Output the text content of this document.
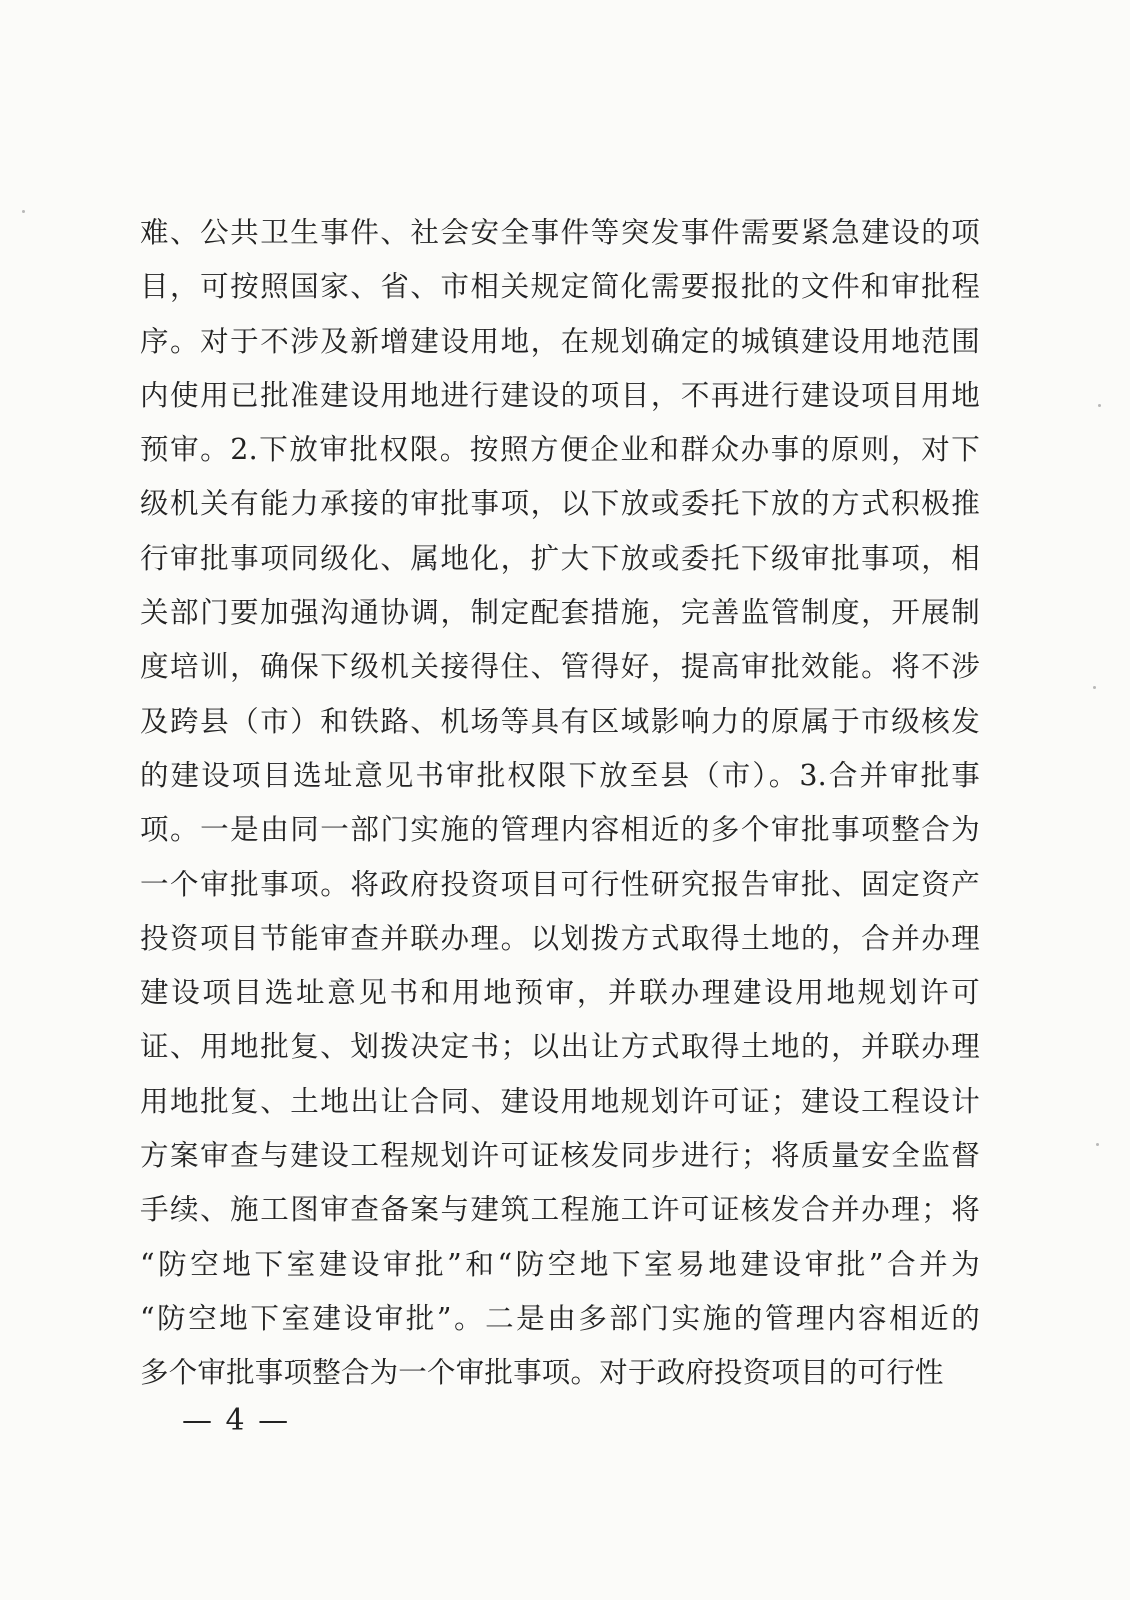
难、公共卫生事件、社会安全事件等突发事件需要紧急建设的项
目，可按照国家、省、市相关规定简化需要报批的文件和审批程
序。对于不涉及新增建设用地，在规划确定的城镇建设用地范围
内使用已批准建设用地进行建设的项目，不再进行建设项目用地
预审。2.下放审批权限。按照方便企业和群众办事的原则，对下
级机关有能力承接的审批事项，以下放或委托下放的方式积极推
行审批事项同级化、属地化，扩大下放或委托下级审批事项，相
关部门要加强沟通协调，制定配套措施，完善监管制度，开展制
度培训，确保下级机关接得住、管得好，提高审批效能。将不涉
及跨县（市）和铁路、机场等具有区域影响力的原属于市级核发
的建设项目选址意见书审批权限下放至县（市）。3.合并审批事
项。一是由同一部门实施的管理内容相近的多个审批事项整合为
一个审批事项。将政府投资项目可行性研究报告审批、固定资产
投资项目节能审查并联办理。以划拨方式取得土地的，合并办理
建设项目选址意见书和用地预审，并联办理建设用地规划许可
证、用地批复、划拨决定书；以出让方式取得土地的，并联办理
用地批复、土地出让合同、建设用地规划许可证；建设工程设计
方案审查与建设工程规划许可证核发同步进行；将质量安全监督
手续、施工图审查备案与建筑工程施工许可证核发合并办理；将
“防空地下室建设审批”和“防空地下室易地建设审批”合并为
“防空地下室建设审批”。二是由多部门实施的管理内容相近的
多个审批事项整合为一个审批事项。对于政府投资项目的可行性
— 4 —
